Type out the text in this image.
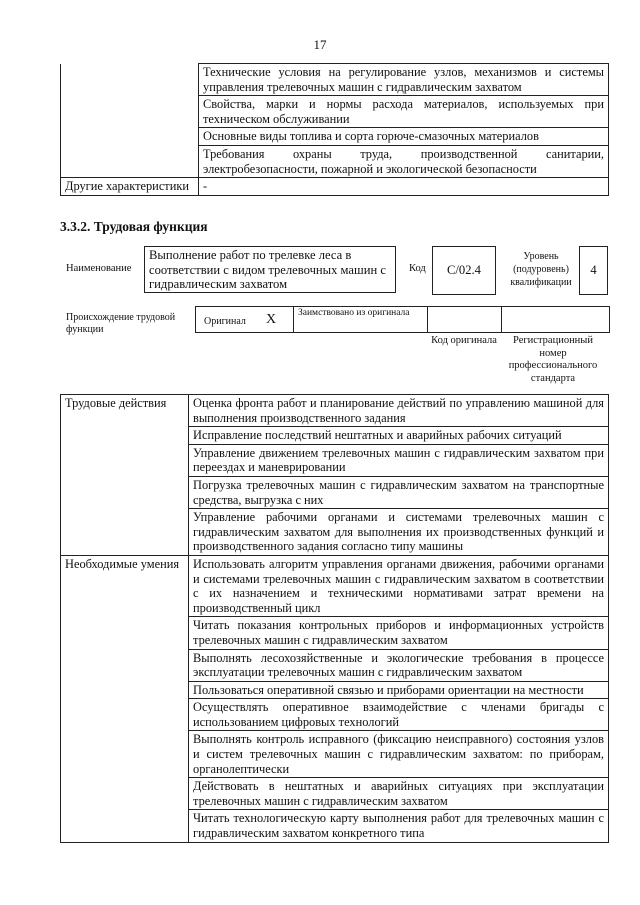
17
	Технические условия на регулирование узлов, механизмов и системы управления трелевочных машин с гидравлическим захватом
	Свойства, марки и нормы расхода материалов, используемых при техническом обслуживании
	Основные виды топлива и сорта горюче-смазочных материалов
	Требования охраны труда, производственной санитарии, электробезопасности, пожарной и экологической безопасности
Другие характеристики	-
3.3.2. Трудовая функция
Наименование
Выполнение работ по трелевке леса в соответствии с видом трелевочных машин с гидравлическим захватом
Код	C/02.4
Уровень (подуровень) квалификации
4
Происхождение трудовой функции
Оригинал X Заимствовано из оригинала
Код оригинала	Регистрационный номер профессионального стандарта
Трудовые действия	Оценка фронта работ и планирование действий по управлению машиной для выполнения производственного задания
	Исправление последствий нештатных и аварийных рабочих ситуаций
	Управление движением трелевочных машин с гидравлическим захватом при переездах и маневрировании
	Погрузка трелевочных машин с гидравлическим захватом на транспортные средства, выгрузка с них
	Управление рабочими органами и системами трелевочных машин с гидравлическим захватом для выполнения их производственных функций и производственного задания согласно типу машины
Необходимые умения	Использовать алгоритм управления органами движения, рабочими органами и системами трелевочных машин с гидравлическим захватом в соответствии с их назначением и техническими нормативами затрат времени на производственный цикл
	Читать показания контрольных приборов и информационных устройств трелевочных машин с гидравлическим захватом
	Выполнять лесохозяйственные и экологические требования в процессе эксплуатации трелевочных машин с гидравлическим захватом
	Пользоваться оперативной связью и приборами ориентации на местности
	Осуществлять оперативное взаимодействие с членами бригады с использованием цифровых технологий
	Выполнять контроль исправного (фиксацию неисправного) состояния узлов и систем трелевочных машин с гидравлическим захватом: по приборам, органолептически
	Действовать в нештатных и аварийных ситуациях при эксплуатации трелевочных машин с гидравлическим захватом
	Читать технологическую карту выполнения работ для трелевочных машин с гидравлическим захватом конкретного типа
